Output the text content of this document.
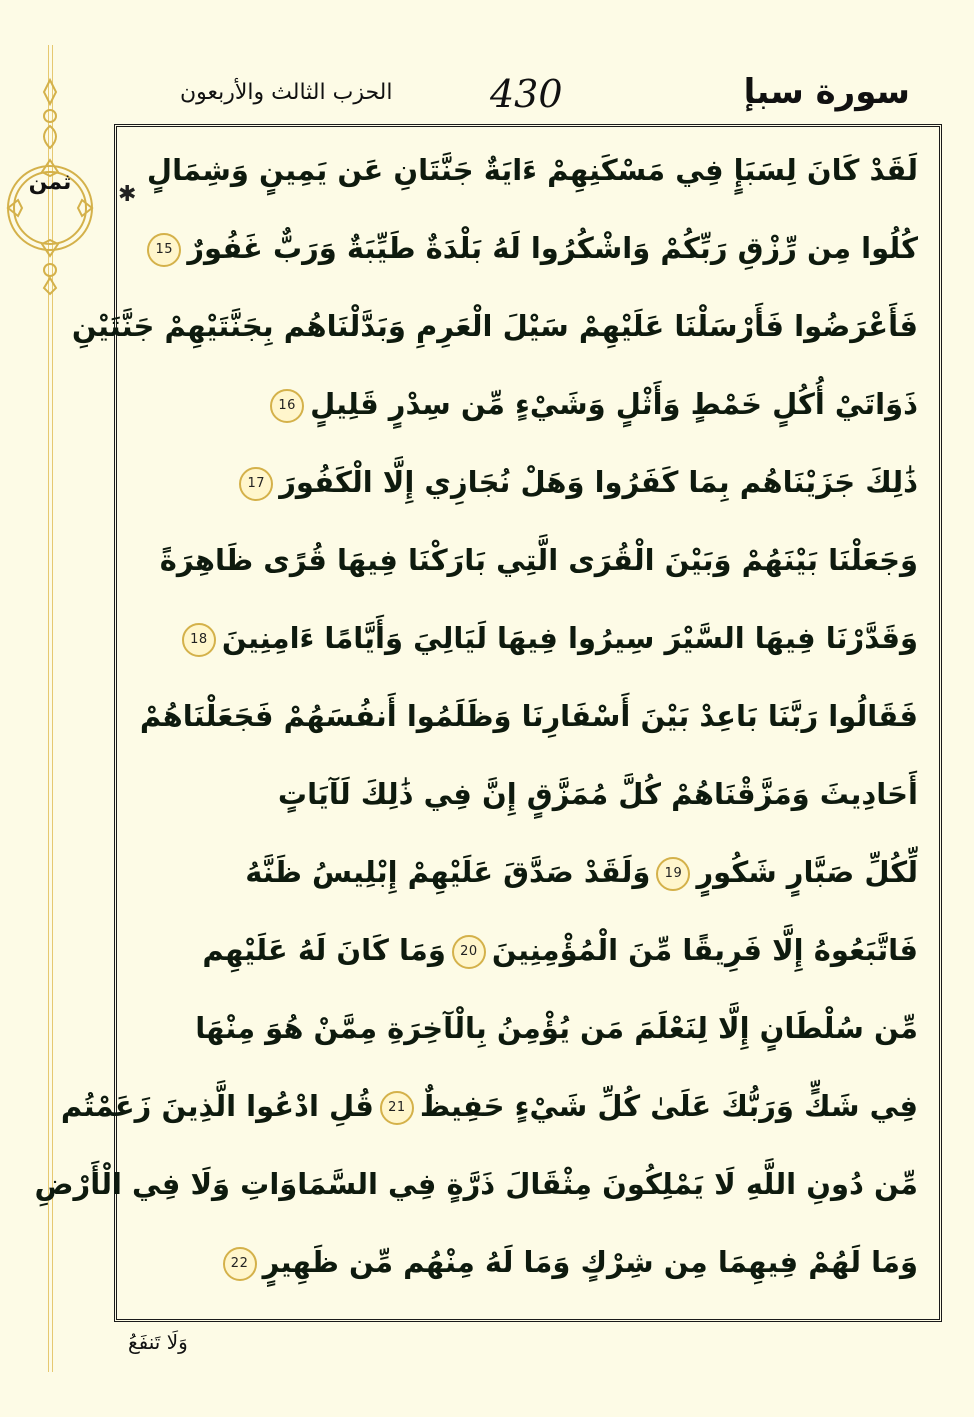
ثمن
الحزب الثالث والأربعون	430	سورة سبإ
✱
لَقَدْ كَانَ لِسَبَإٍ فِي مَسْكَنِهِمْ ءَايَةٌ جَنَّتَانِ عَن يَمِينٍ وَشِمَالٍ
كُلُوا مِن رِّزْقِ رَبِّكُمْ وَاشْكُرُوا لَهُ بَلْدَةٌ طَيِّبَةٌ وَرَبٌّ غَفُورٌ15
فَأَعْرَضُوا فَأَرْسَلْنَا عَلَيْهِمْ سَيْلَ الْعَرِمِ وَبَدَّلْنَاهُم بِجَنَّتَيْهِمْ جَنَّتَيْنِ
ذَوَاتَيْ أُكُلٍ خَمْطٍ وَأَثْلٍ وَشَيْءٍ مِّن سِدْرٍ قَلِيلٍ16
ذَٰلِكَ جَزَيْنَاهُم بِمَا كَفَرُوا وَهَلْ نُجَازِي إِلَّا الْكَفُورَ17
وَجَعَلْنَا بَيْنَهُمْ وَبَيْنَ الْقُرَى الَّتِي بَارَكْنَا فِيهَا قُرًى ظَاهِرَةً
وَقَدَّرْنَا فِيهَا السَّيْرَ سِيرُوا فِيهَا لَيَالِيَ وَأَيَّامًا ءَامِنِينَ18
فَقَالُوا رَبَّنَا بَاعِدْ بَيْنَ أَسْفَارِنَا وَظَلَمُوا أَنفُسَهُمْ فَجَعَلْنَاهُمْ
أَحَادِيثَ وَمَزَّقْنَاهُمْ كُلَّ مُمَزَّقٍ إِنَّ فِي ذَٰلِكَ لَآيَاتٍ
لِّكُلِّ صَبَّارٍ شَكُورٍ19وَلَقَدْ صَدَّقَ عَلَيْهِمْ إِبْلِيسُ ظَنَّهُ
فَاتَّبَعُوهُ إِلَّا فَرِيقًا مِّنَ الْمُؤْمِنِينَ20وَمَا كَانَ لَهُ عَلَيْهِم
مِّن سُلْطَانٍ إِلَّا لِنَعْلَمَ مَن يُؤْمِنُ بِالْآخِرَةِ مِمَّنْ هُوَ مِنْهَا
فِي شَكٍّ وَرَبُّكَ عَلَىٰ كُلِّ شَيْءٍ حَفِيظٌ21قُلِ ادْعُوا الَّذِينَ زَعَمْتُم
مِّن دُونِ اللَّهِ لَا يَمْلِكُونَ مِثْقَالَ ذَرَّةٍ فِي السَّمَاوَاتِ وَلَا فِي الْأَرْضِ
وَمَا لَهُمْ فِيهِمَا مِن شِرْكٍ وَمَا لَهُ مِنْهُم مِّن ظَهِيرٍ22
وَلَا تَنفَعُ
